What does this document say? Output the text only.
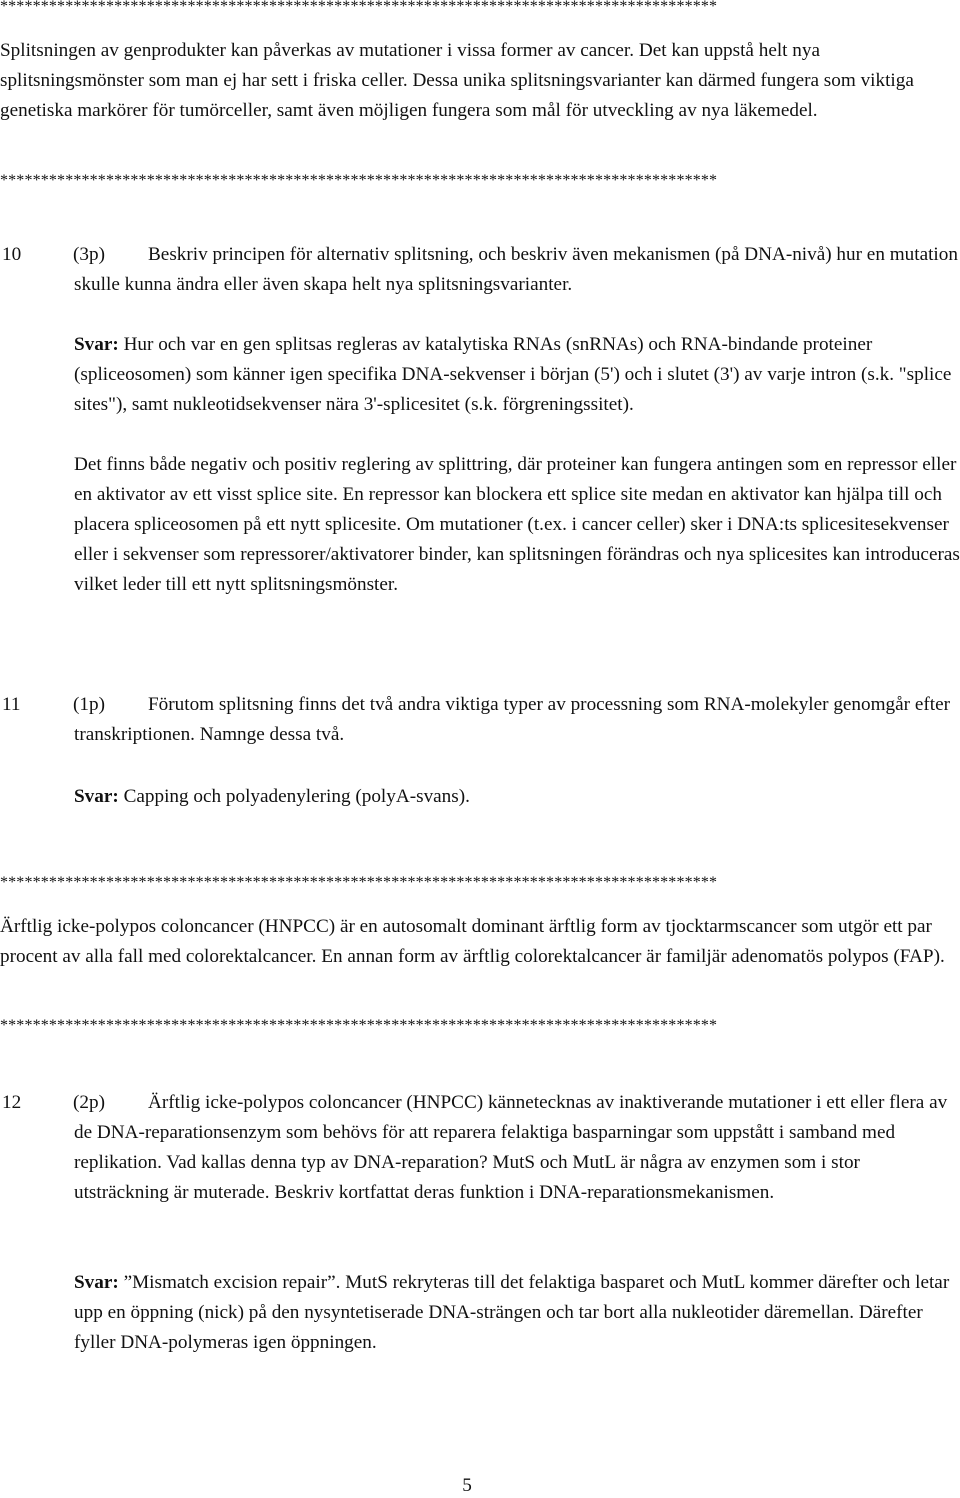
****************************************************************************************
Splitsningen av genprodukter kan påverkas av mutationer i vissa former av cancer. Det kan uppstå helt nya splitsningsmönster som man ej har sett i friska celler. Dessa unika splitsningsvarianter kan därmed fungera som viktiga genetiska markörer för tumörceller, samt även möjligen fungera som mål för utveckling av nya läkemedel.
****************************************************************************************
10	(3p)	Beskriv principen för alternativ splitsning, och beskriv även mekanismen (på DNA-nivå) hur en mutation skulle kunna ändra eller även skapa helt nya splitsningsvarianter.
Svar: Hur och var en gen splitsas regleras av katalytiska RNAs (snRNAs) och RNA-bindande proteiner (spliceosomen) som känner igen specifika DNA-sekvenser i början (5') och i slutet (3') av varje intron (s.k. "splice sites"), samt nukleotidsekvenser nära 3'-splicesitet (s.k. förgreningssitet).
Det finns både negativ och positiv reglering av splittring, där proteiner kan fungera antingen som en repressor eller en aktivator av ett visst splice site. En repressor kan blockera ett splice site medan en aktivator kan hjälpa till och placera spliceosomen på ett nytt splicesite. Om mutationer (t.ex. i cancer celler) sker i DNA:ts splicesitesekvenser eller i sekvenser som repressorer/aktivatorer binder, kan splitsningen förändras och nya splicesites kan introduceras vilket leder till ett nytt splitsningsmönster.
11	(1p)	Förutom splitsning finns det två andra viktiga typer av processning som RNA-molekyler genomgår efter transkriptionen. Namnge dessa två.
Svar: Capping och polyadenylering (polyA-svans).
****************************************************************************************
Ärftlig icke-polypos coloncancer (HNPCC) är en autosomalt dominant ärftlig form av tjocktarmscancer som utgör ett par procent av alla fall med colorektalcancer. En annan form av ärftlig colorektalcancer är familjär adenomatös polypos (FAP).
****************************************************************************************
12	(2p)	Ärftlig icke-polypos coloncancer (HNPCC) kännetecknas av inaktiverande mutationer i ett eller flera av de DNA-reparationsenzym som behövs för att reparera felaktiga basparningar som uppstått i samband med replikation. Vad kallas denna typ av DNA-reparation? MutS och MutL är några av enzymen som i stor utsträckning är muterade. Beskriv kortfattat deras funktion i DNA-reparationsmekanismen.
Svar: ”Mismatch excision repair”. MutS rekryteras till det felaktiga basparet och MutL kommer därefter och letar upp en öppning (nick) på den nysyntetiserade DNA-strängen och tar bort alla nukleotider däremellan. Därefter fyller DNA-polymeras igen öppningen.
5
